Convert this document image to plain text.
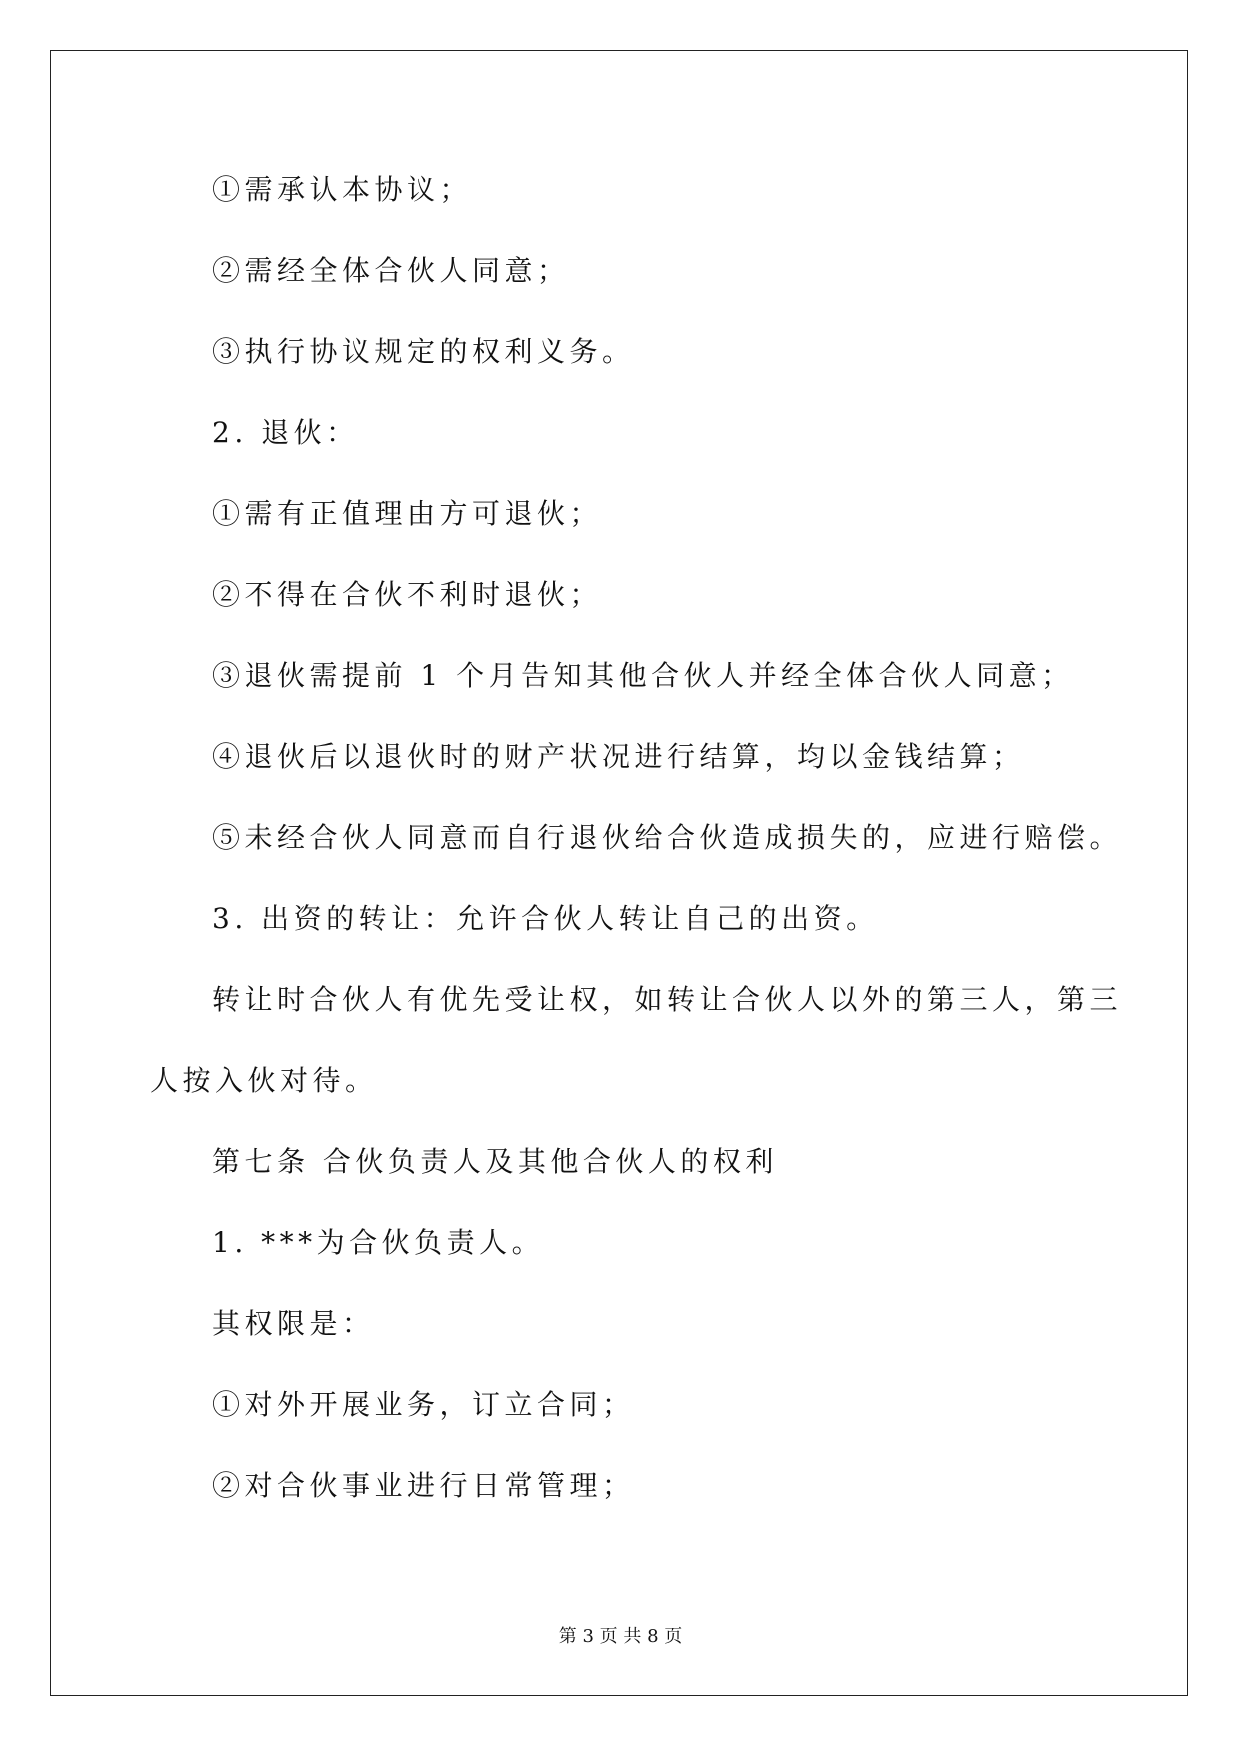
①需承认本协议；
②需经全体合伙人同意；
③执行协议规定的权利义务。
2. 退伙：
①需有正值理由方可退伙；
②不得在合伙不利时退伙；
③退伙需提前 1 个月告知其他合伙人并经全体合伙人同意；
④退伙后以退伙时的财产状况进行结算，均以金钱结算；
⑤未经合伙人同意而自行退伙给合伙造成损失的，应进行赔偿。
3. 出资的转让：允许合伙人转让自己的出资。
转让时合伙人有优先受让权，如转让合伙人以外的第三人，第三
人按入伙对待。
第七条 合伙负责人及其他合伙人的权利
1. ***为合伙负责人。
其权限是：
①对外开展业务，订立合同；
②对合伙事业进行日常管理；
第 3 页 共 8 页
